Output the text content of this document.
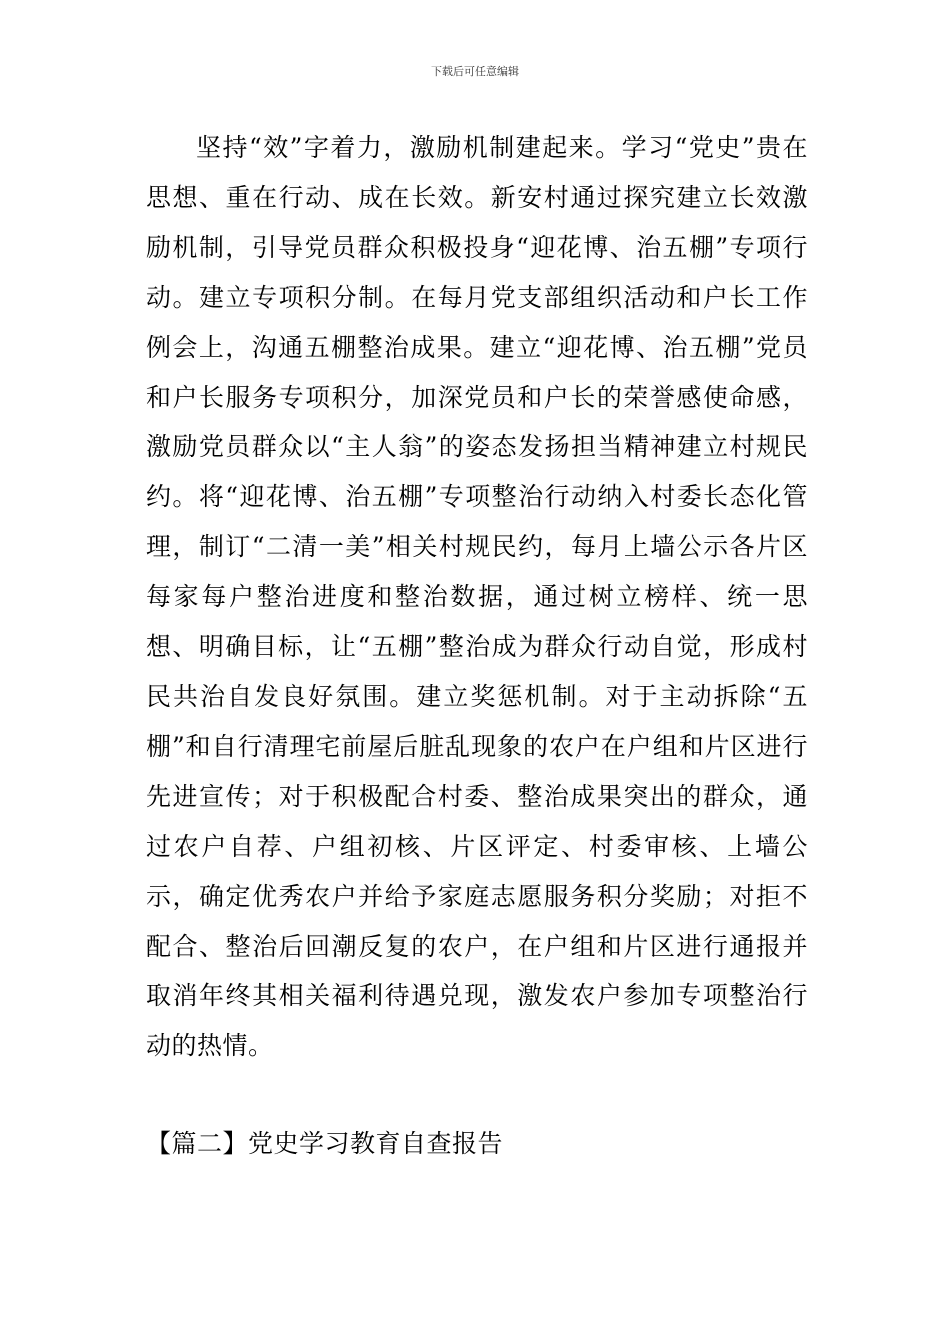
下载后可任意编辑

坚持“效”字着力，激励机制建起来。学习“党史”贵在思想、重在行动、成在长效。新安村通过探究建立长效激励机制，引导党员群众积极投身“迎花博、治五棚”专项行动。建立专项积分制。在每月党支部组织活动和户长工作例会上，沟通五棚整治成果。建立“迎花博、治五棚”党员和户长服务专项积分，加深党员和户长的荣誉感使命感，激励党员群众以“主人翁”的姿态发扬担当精神建立村规民约。将“迎花博、治五棚”专项整治行动纳入村委长态化管理，制订“二清一美”相关村规民约，每月上墙公示各片区每家每户整治进度和整治数据，通过树立榜样、统一思想、明确目标，让“五棚”整治成为群众行动自觉，形成村民共治自发良好氛围。建立奖惩机制。对于主动拆除“五棚”和自行清理宅前屋后脏乱现象的农户在户组和片区进行先进宣传；对于积极配合村委、整治成果突出的群众，通过农户自荐、户组初核、片区评定、村委审核、上墙公示，确定优秀农户并给予家庭志愿服务积分奖励；对拒不配合、整治后回潮反复的农户，在户组和片区进行通报并取消年终其相关福利待遇兑现，激发农户参加专项整治行动的热情。

【篇二】党史学习教育自查报告
